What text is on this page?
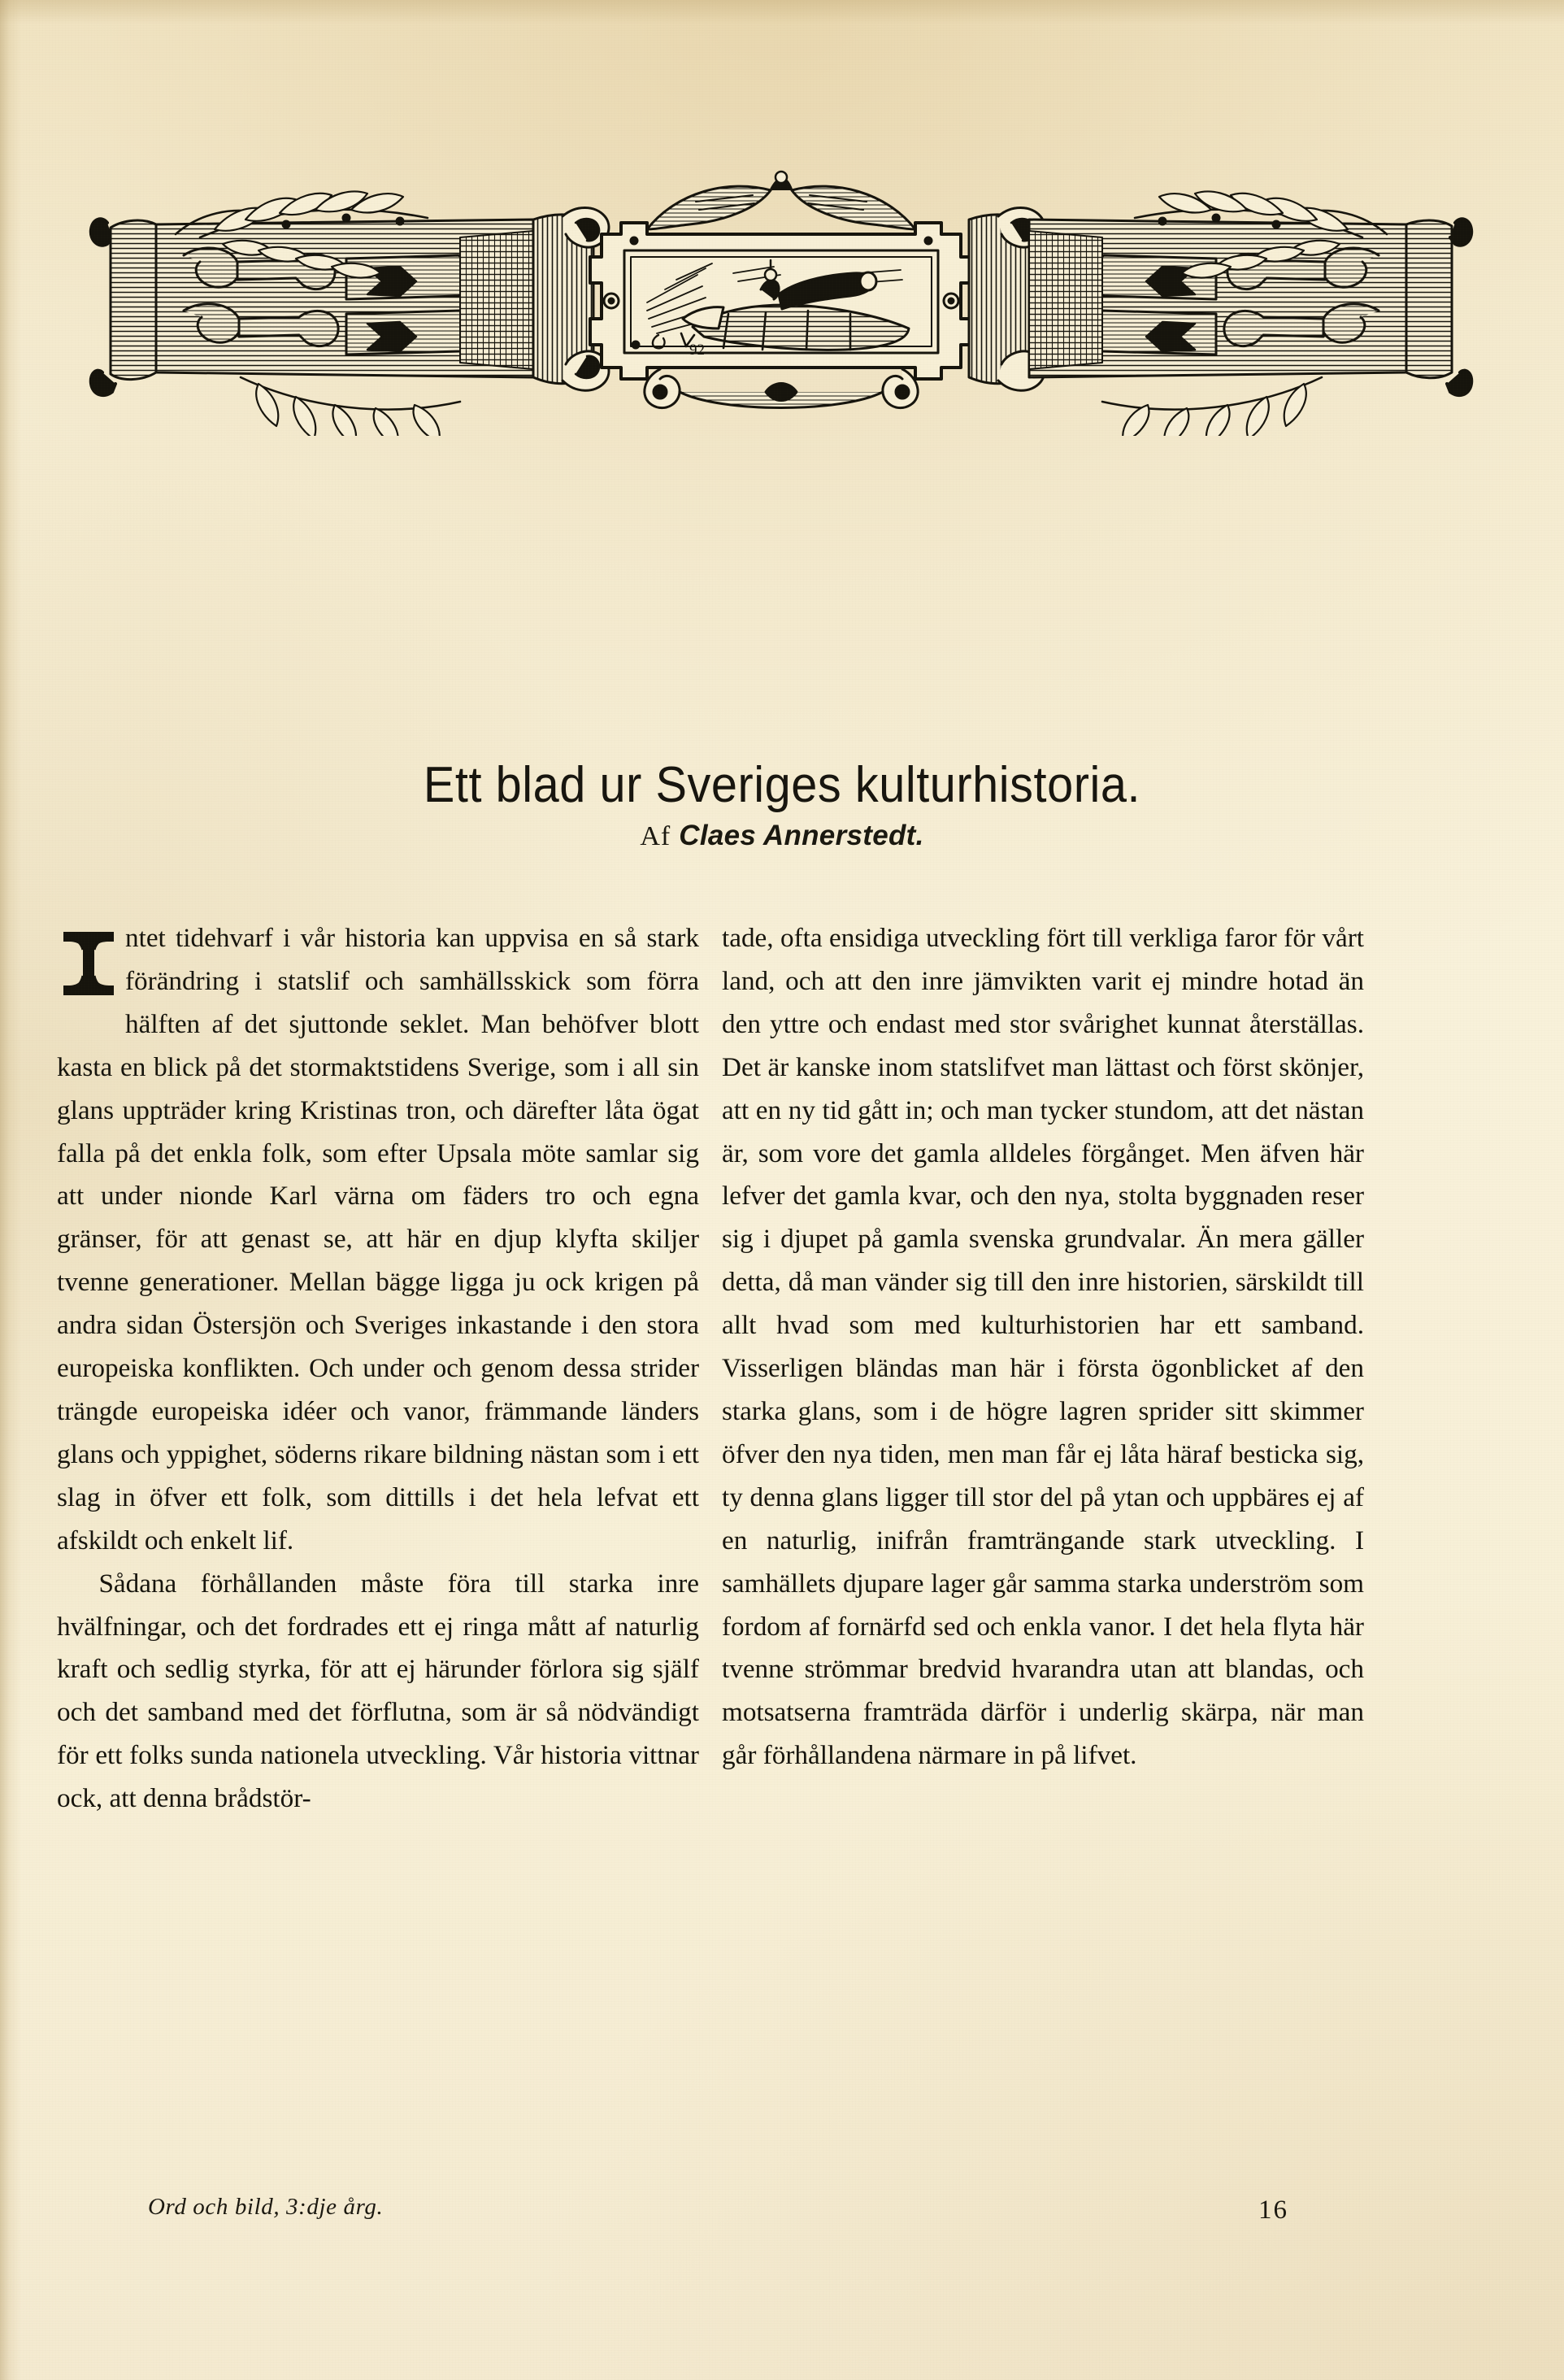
92
Ett blad ur Sveriges kulturhistoria.
Af Claes Annerstedt.

ntet tidehvarf i vår historia kan uppvisa en så stark förändring i statslif och samhällsskick som förra hälften af det sjuttonde seklet. Man behöfver blott kasta en blick på det stormaktstidens Sverige, som i all sin glans uppträder kring Kristinas tron, och därefter låta ögat falla på det enkla folk, som efter Upsala möte samlar sig att under nionde Karl värna om fäders tro och egna gränser, för att genast se, att här en djup klyfta skiljer tvenne generationer. Mellan bägge ligga ju ock krigen på andra sidan Östersjön och Sveriges inkastande i den stora europeiska konflikten. Och under och genom dessa strider trängde europeiska idéer och vanor, främmande länders glans och yppighet, söderns rikare bildning nästan som i ett slag in öfver ett folk, som dittills i det hela lefvat ett afskildt och enkelt lif.

Sådana förhållanden måste föra till starka inre hvälfningar, och det fordrades ett ej ringa mått af naturlig kraft och sedlig styrka, för att ej härunder förlora sig själf och det samband med det förflutna, som är så nödvändigt för ett folks sunda nationela utveckling. Vår historia vittnar ock, att denna brådstör-

tade, ofta ensidiga utveckling fört till verkliga faror för vårt land, och att den inre jämvikten varit ej mindre hotad än den yttre och endast med stor svårighet kunnat återställas. Det är kanske inom statslifvet man lättast och först skönjer, att en ny tid gått in; och man tycker stundom, att det nästan är, som vore det gamla alldeles förgånget. Men äfven här lefver det gamla kvar, och den nya, stolta byggnaden reser sig i djupet på gamla svenska grundvalar. Än mera gäller detta, då man vänder sig till den inre historien, särskildt till allt hvad som med kulturhistorien har ett samband. Visserligen bländas man här i första ögonblicket af den starka glans, som i de högre lagren sprider sitt skimmer öfver den nya tiden, men man får ej låta häraf besticka sig, ty denna glans ligger till stor del på ytan och uppbäres ej af en naturlig, inifrån framträngande stark utveckling. I samhällets djupare lager går samma starka underström som fordom af fornärfd sed och enkla vanor. I det hela flyta här tvenne strömmar bredvid hvarandra utan att blandas, och motsatserna framträda därför i underlig skärpa, när man går förhållandena närmare in på lifvet.

Ord och bild, 3:dje årg.	16
